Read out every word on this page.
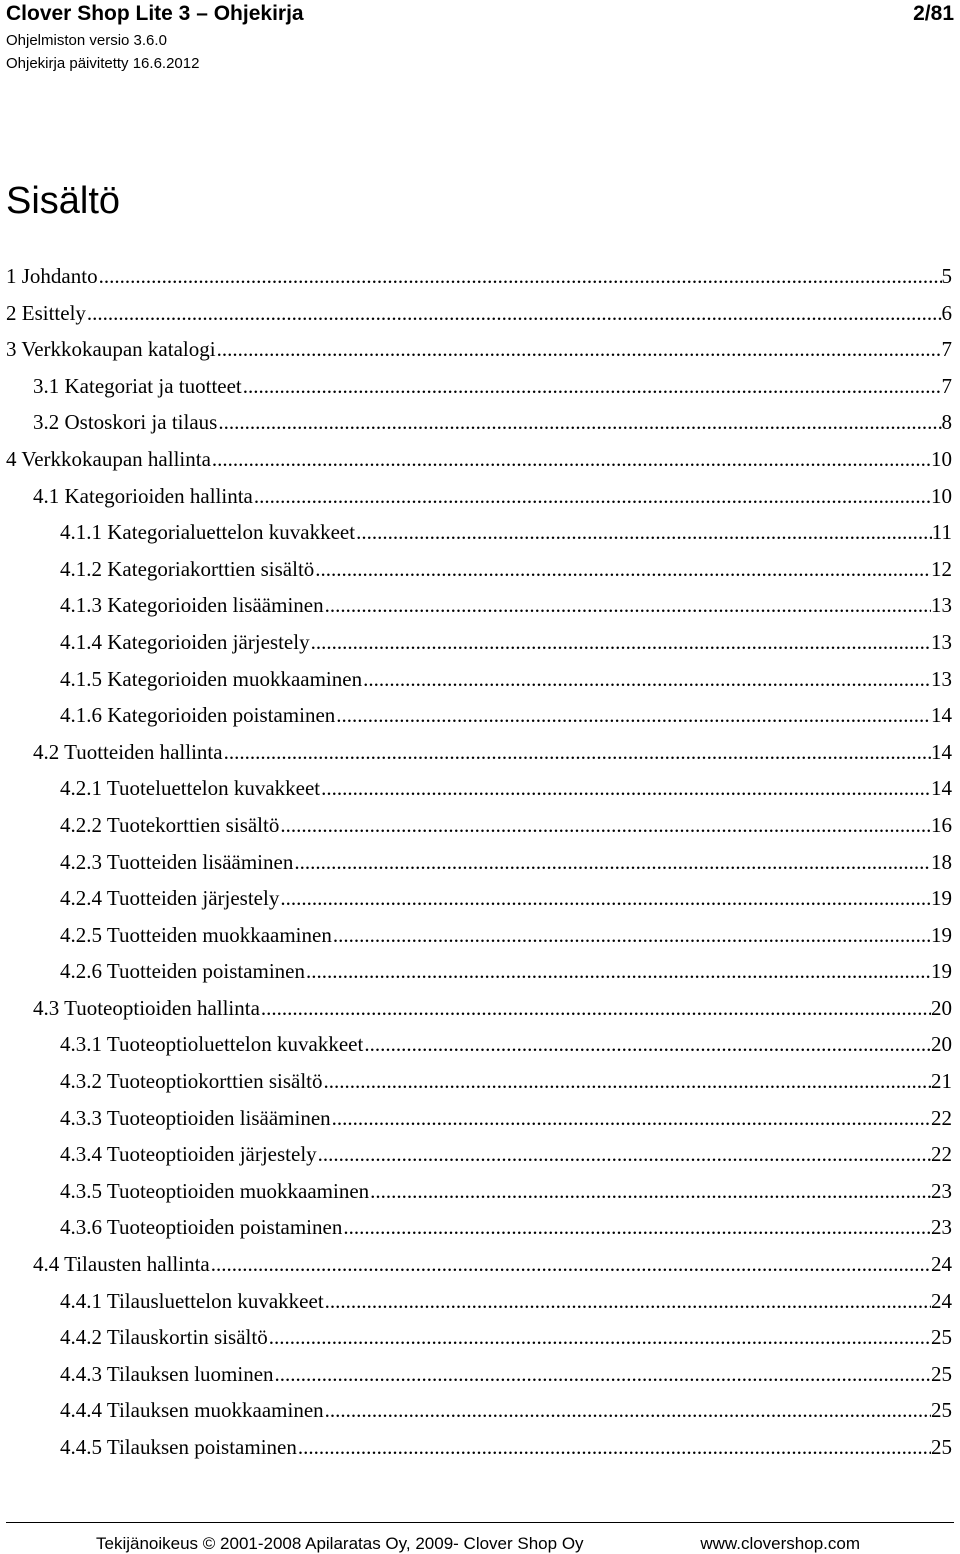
Clover Shop Lite 3 – Ohjekirja	2/81
Ohjelmiston versio 3.6.0
Ohjekirja päivitetty 16.6.2012
Sisältö
1 Johdanto .....	5
2 Esittely .....	6
3 Verkkokaupan katalogi .....	7
3.1 Kategoriat ja tuotteet .....	7
3.2 Ostoskori ja tilaus .....	8
4 Verkkokaupan hallinta .....	10
4.1 Kategorioiden hallinta .....	10
4.1.1 Kategorialuettelon kuvakkeet .....	11
4.1.2 Kategoriakorttien sisältö .....	12
4.1.3 Kategorioiden lisääminen .....	13
4.1.4 Kategorioiden järjestely .....	13
4.1.5 Kategorioiden muokkaaminen .....	13
4.1.6 Kategorioiden poistaminen .....	14
4.2 Tuotteiden hallinta .....	14
4.2.1 Tuoteluettelon kuvakkeet .....	14
4.2.2 Tuotekorttien sisältö .....	16
4.2.3 Tuotteiden lisääminen .....	18
4.2.4 Tuotteiden järjestely .....	19
4.2.5 Tuotteiden muokkaaminen .....	19
4.2.6 Tuotteiden poistaminen .....	19
4.3 Tuoteoptioiden hallinta .....	20
4.3.1 Tuoteoptioluettelon kuvakkeet .....	20
4.3.2 Tuoteoptiokorttien sisältö .....	21
4.3.3 Tuoteoptioiden lisääminen .....	22
4.3.4 Tuoteoptioiden järjestely .....	22
4.3.5 Tuoteoptioiden muokkaaminen .....	23
4.3.6 Tuoteoptioiden poistaminen .....	23
4.4 Tilausten hallinta .....	24
4.4.1 Tilausluettelon kuvakkeet .....	24
4.4.2 Tilauskortin sisältö .....	25
4.4.3 Tilauksen luominen .....	25
4.4.4 Tilauksen muokkaaminen .....	25
4.4.5 Tilauksen poistaminen .....	25
Tekijänoikeus © 2001-2008 Apilaratas Oy, 2009- Clover Shop Oy	www.clovershop.com
